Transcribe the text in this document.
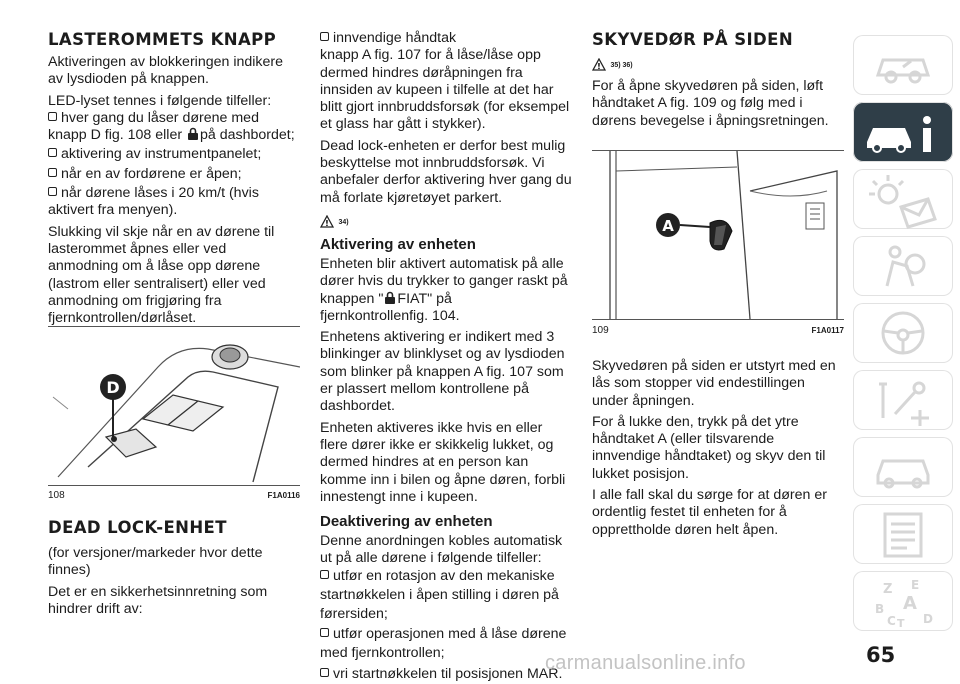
LASTEROMMETS KNAPP

Aktiveringen av blokkeringen indikere av lysdioden på knappen.

LED-lyset tennes i følgende tilfeller:

hver gang du låser dørene med
knapp D fig. 108 eller på dashbordet;
aktivering av instrumentpanelet;
når en av fordørene er åpen;
når dørene låses i 20 km/t (hvis
aktivert fra menyen).

Slukking vil skje når en av dørene til lasterommet åpnes eller ved anmodning om å låse opp dørene (lastrom eller sentralisert) eller ved anmodning om frigjøring fra fjernkontrollen/dørlåset.

D
108	F1A0116
DEAD LOCK-ENHET

(for versjoner/markeder hvor dette finnes)

Det er en sikkerhetsinnretning som hindrer drift av:

innvendige håndtak

knapp A fig. 107 for å låse/låse opp dermed hindres døråpningen fra innsiden av kupeen i tilfelle at det har blitt gjort innbruddsforsøk (for eksempel et glass har gått i stykker).

Dead lock-enheten er derfor best mulig beskyttelse mot innbruddsforsøk. Vi anbefaler derfor aktivering hver gang du må forlate kjøretøyet parkert.

! 34)
Aktivering av enheten

Enheten blir aktivert automatisk på alle dører hvis du trykker to ganger raskt på

knappen " FIAT" på

fjernkontrollenfig. 104.

Enhetens aktivering er indikert med 3 blinkinger av blinklyset og av lysdioden som blinker på knappen A fig. 107 som er plassert mellom kontrollene på dashbordet.

Enheten aktiveres ikke hvis en eller flere dører ikke er skikkelig lukket, og dermed hindres at en person kan komme inn i bilen og åpne døren, forbli innestengt inne i kupeen.

Deaktivering av enheten

Denne anordningen kobles automatisk ut på alle dørene i følgende tilfeller:

utfør en rotasjon av den mekaniske
startnøkkelen i åpen stilling i døren på
førersiden;
utfør operasjonen med å låse dørene
med fjernkontrollen;
vri startnøkkelen til posisjonen MAR.
SKYVEDØR PÅ SIDEN
! 35) 36)

For å åpne skyvedøren på siden, løft håndtaket A fig. 109 og følg med i dørens bevegelse i åpningsretningen.

A
109	F1A0117

Skyvedøren på siden er utstyrt med en lås som stopper vid endestillingen under åpningen.

For å lukke den, trykk på det ytre håndtaket A (eller tilsvarende innvendige håndtaket) og skyv den til lukket posisjon.

I alle fall skal du sørge for at døren er ordentlig festet til enheten for å opprettholde døren helt åpen.

Z E
A
B
C T D
65
carmanualsonline.info
